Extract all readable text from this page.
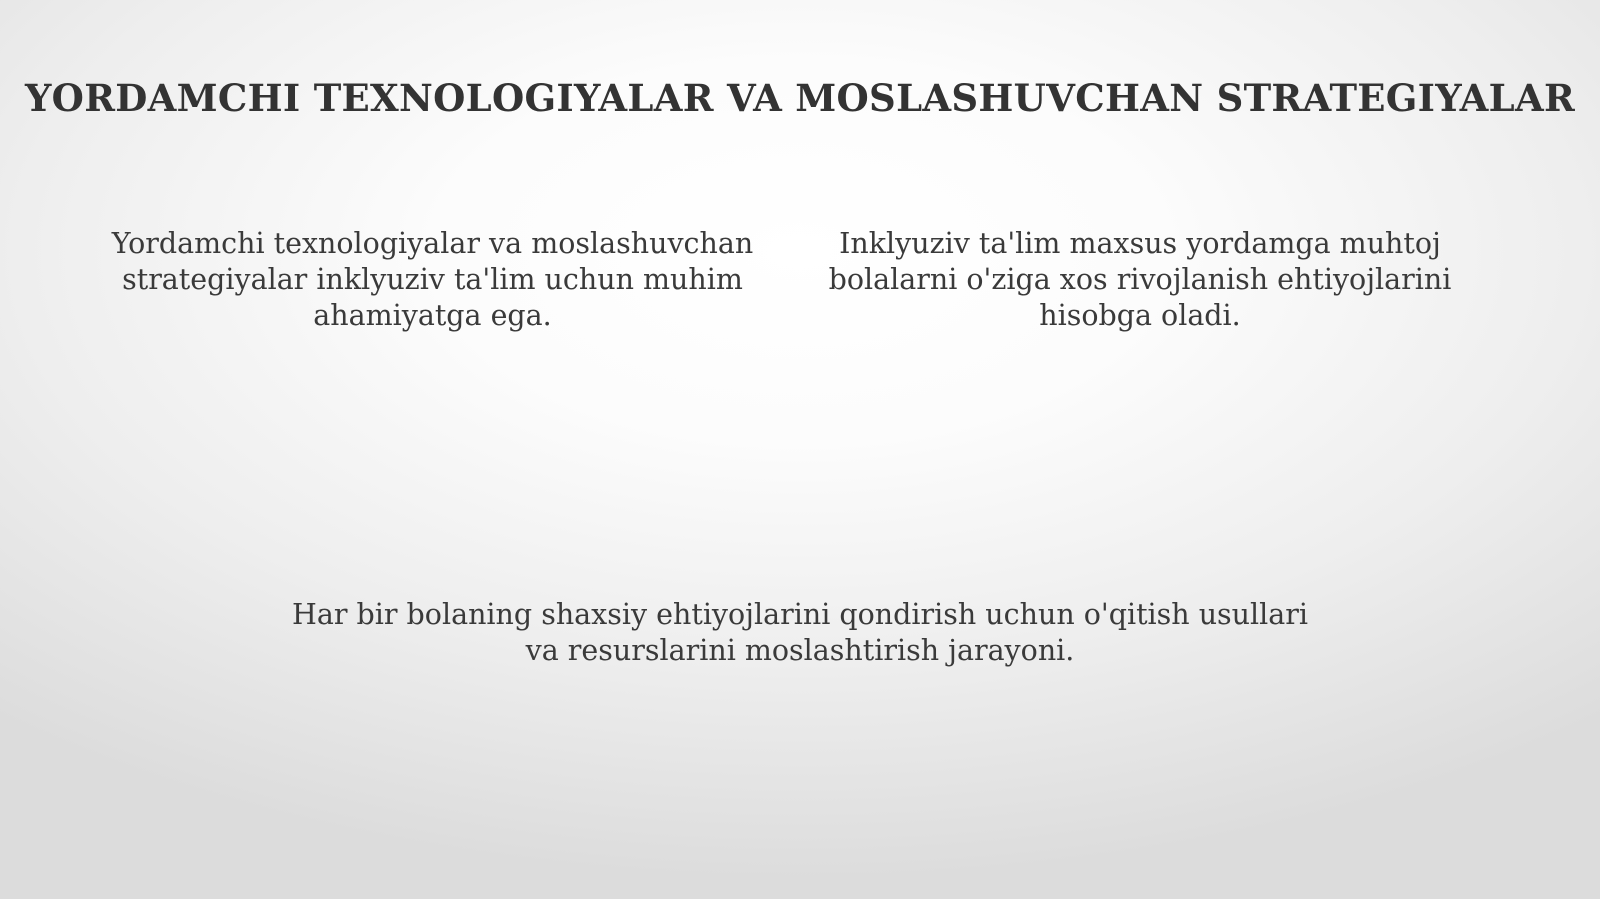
YORDAMCHI TEXNOLOGIYALAR VA MOSLASHUVCHAN STRATEGIYALAR
Yordamchi texnologiyalar va moslashuvchan
strategiyalar inklyuziv ta'lim uchun muhim
ahamiyatga ega.
Inklyuziv ta'lim maxsus yordamga muhtoj
bolalarni o'ziga xos rivojlanish ehtiyojlarini
hisobga oladi.
Har bir bolaning shaxsiy ehtiyojlarini qondirish uchun o'qitish usullari
va resurslarini moslashtirish jarayoni.
